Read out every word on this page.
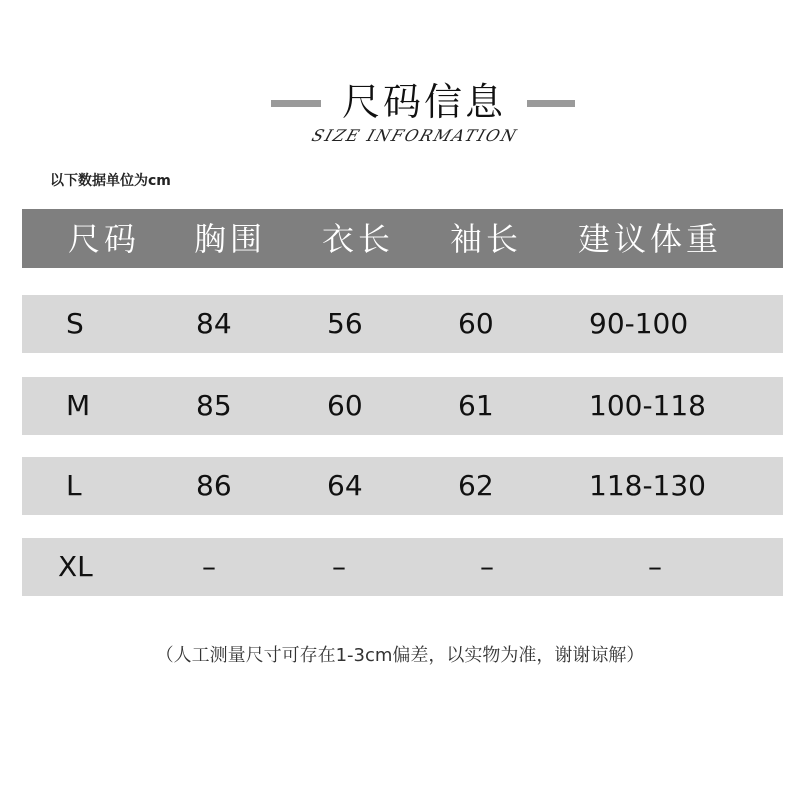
尺码信息
SIZE INFORMATION
以下数据单位为cm
尺码 胸围 衣长 袖长 建议体重
S	84	56	60	90-100
M	85	60	61	100-118
L	86	64	62	118-130
XL	–	–	–	–
（人工测量尺寸可存在1-3cm偏差，以实物为准，谢谢谅解）
